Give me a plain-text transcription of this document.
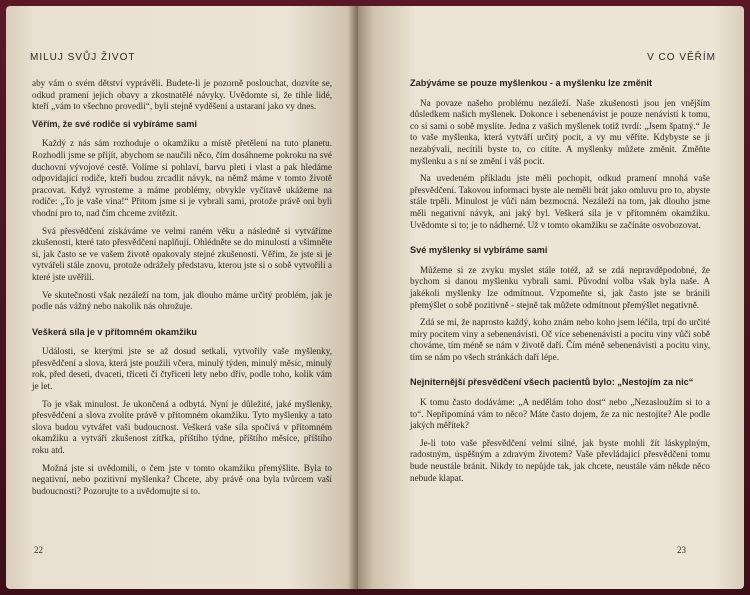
MILUJ SVŮJ ŽIVOT

aby vám o svém dětství vyprávěli. Budete-li je pozorně poslouchat, dozvíte se, odkud pramení jejich obavy a zkostnatělé návyky. Uvědomte si, že tihle lidé, kteří „vám to všechno provedli“, byli stejně vyděšení a ustaraní jako vy dnes.

Věřím, že své rodiče si vybíráme sami

Každý z nás sám rozhoduje o okamžiku a místě přetělení na tuto planetu. Rozhodli jsme se přijít, abychom se naučili něco, čím dosáhneme pokroku na své duchovní vývojové cestě. Volíme si pohlaví, barvu pleti i vlast a pak hledáme odpovídající rodiče, kteří budou zrcadlit návyk, na němž máme v tomto životě pracovat. Když vyrosteme a máme problémy, obvykle vyčítavě ukážeme na rodiče: „To je vaše vina!“ Přitom jsme si je vybrali sami, protože právě oni byli vhodní pro to, nad čím chceme zvítězit.

Svá přesvědčení získáváme ve velmi raném věku a následně si vytváříme zkušenosti, které tato přesvědčení naplňují. Ohlédněte se do minulosti a všimněte si, jak často se ve vašem životě opakovaly stejné zkušenosti. Věřím, že jste si je vytvářeli stále znovu, protože odrážely představu, kterou jste si o sobě vytvořili a které jste uvěřili.

Ve skutečnosti však nezáleží na tom, jak dlouho máme určitý problém, jak je podle nás vážný nebo nakolik nás ohrožuje.

Veškerá síla je v přítomném okamžiku

Události, se kterými jste se až dosud setkali, vytvořily vaše myšlenky, přesvědčení a slova, která jste použili včera, minulý týden, minulý měsíc, minulý rok, před deseti, dvaceti, třiceti či čtyřiceti lety nebo dřív, podle toho, kolik vám je let.

To je však minulost. Je ukončená a odbytá. Nyní je důležité, jaké myšlenky, přesvědčení a slova zvolíte právě v přítomném okamžiku. Tyto myšlenky a tato slova budou vytvářet vaši budoucnost. Veškerá vaše síla spočívá v přítomném okamžiku a vytváří zkušenost zítřka, příštího týdne, příštího měsíce, příštího roku atd.

Možná jste si uvědomili, o čem jste v tomto okamžiku přemýšlite. Byla to negativní, nebo pozitivní myšlenka? Chcete, aby právě ona byla tvůrcem vaší budoucnosti? Pozorujte to a uvědomujte si to.

22
V CO VĚŘÍM
Zabýváme se pouze myšlenkou - a myšlenku lze změnit

Na povaze našeho problému nezáleží. Naše zkušenosti jsou jen vnějším důsledkem našich myšlenek. Dokonce i sebenenávist je pouze nenávistí k tomu, co si sami o sobě myslíte. Jedna z vašich myšlenek totiž tvrdí: „Jsem špatný.“ Je to vaše myšlenka, která vytváří určitý pocit, a vy mu věříte. Kdybyste se ji nezabývali, necítili byste to, co cítíte. A myšlenky můžete změnit. Změňte myšlenku a s ní se změní i váš pocit.

Na uvedeném příkladu jste měli pochopit, odkud pramení mnohá vaše přesvědčení. Takovou informaci byste ale neměli brát jako omluvu pro to, abyste stále trpěli. Minulost je vůči nám bezmocná. Nezáleží na tom, jak dlouho jsme měli negativní návyk, ani jaký byl. Veškerá síla je v přítomném okamžiku. Uvědomte si to; je to nádherné. Už v tomto okamžiku se začínáte osvobozovat.

Své myšlenky si vybíráme sami

Můžeme si ze zvyku myslet stále totéž, až se zdá nepravděpodobné, že bychom si danou myšlenku vybrali sami. Původní volba však byla naše. A jakékoli myšlenky lze odmítnout. Vzpomeňte si, jak často jste se bránili přemýšlet o sobě pozitivně - stejně tak můžete odmítnout přemýšlet negativně.

Zdá se mi, že naprosto každý, koho znám nebo koho jsem léčila, trpí do určité míry pocitem viny a sebenenávisti. Oč více sebenenávisti a pocitu viny vůči sobě chováme, tím méně se nám v životě daří. Čím méně sebenenávisti a pocitu viny, tím se nám po všech stránkách daří lépe.

Nejniternější přesvědčení všech pacientů bylo: „Nestojím za nic“

K tomu často dodáváme: „A nedělám toho dost“ nebo „Nezasloužím si to a to“. Nepřipomíná vám to něco? Máte často dojem, že za nic nestojíte? Ale podle jakých měřítek?

Je-li toto vaše přesvědčení velmi silné, jak byste mohli žít láskyplným, radostným, úspěšným a zdravým životem? Vaše převládající přesvědčení tomu bude neustále bránit. Nikdy to nepůjde tak, jak chcete, neustále vám někde něco nebude klapat.

23
